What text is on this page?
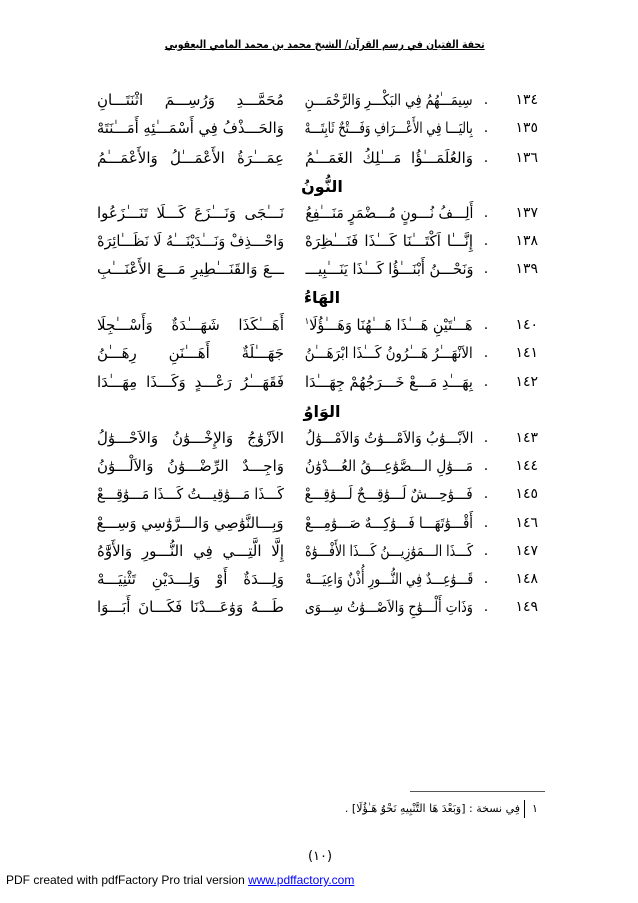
تحفة الفتيان في رسم القرآن/ الشيخ محمد بن محمد المامي اليعقوبي
١٣٤
.
سِيمَـــٰهُمُ فِي البَكْـــرِ وَالرَّحْمَـــنِ
مُحَمَّـــدِ وَرُسِـــمَ اثْنَتَـــانِ
١٣٥
.
بِاليَـــا فِي الأَعْـــرَافِ وَفَـــتْحٌ ثَابِتَـــهْ
وَالحَـــذْفُ فِي أَسْمَـــٰئِهِ أَمَـــٰنَتَهْ
١٣٦
.
وَالعُلَمَـــٰؤُا مَـــٰلِكُ الغَمَـــٰمُ
عِمَـــٰرَةُ الأَعْمَـــٰلُ وَالأَعْمَـــٰمُ
النُّونُ
١٣٧
.
أَلِـــفُ نُـــونٍ مُـــضْمَرٍ مَنَـــٰفِعُ
نَـــٰجَى وَنَـــٰزَعَ كَـــلَا تَنَـــٰزَعُوا
١٣٨
.
إِنَّـــٰا اَكْتَـــٰنَا كَـــٰذَا فَنَـــٰظِرَهْ
وَاحْـــذِفْ وَنَـــٰدَيْنَـــٰهُ لَا نَظَـــٰائِرَهْ
١٣٩
.
وَنَحْـــنُ أَبْنَـــٰؤُا كَـــٰذَا يَنَـــٰبِيـــ
ـــعَ وَالقَنَـــٰطِيرِ مَـــعَ الأَعْنَـــٰبِ
الهَاءُ
١٤٠
.
هَـــٰتَيْنِ هَـــٰذَا هَـــٰهُنَا وَهَـــٰؤُلَا$^١$
أَهَـــٰكَذَا شَهَـــٰدَةٌ وَأَسْـــٰجِلَا
١٤١
.
الاَنْهَـــٰرُ هَـــٰرُونُ كَـــٰذَا ابْرَهَـــٰنُ
جَهَـــٰلَةٌ أَهَـــٰنَنِ رِهَـــٰنُ
١٤٢
.
بِهَـــٰدِ مَـــعْ خَـــرَجُهُمْ جِهَـــٰدَا
فَقَهَـــٰرُ رَعْـــدٍ وَكَـــذَا مِهَـــٰدَا
الوَاوُ
١٤٣
.
الاَبْـــوَٰبُ وَالاَمْـــوَٰتُ وَالاَمْـــوَٰلُ
الاَزْوَٰجُ وَالإِخْـــوَٰنُ وَالاَحْـــوَٰلُ
١٤٤
.
مَـــوَٰلِ الـــصَّوَٰعِـــقُ العُـــدْوَٰنُ
وَاجِـــدٌ الرِّضْـــوَٰنُ وَالاَلْـــوَٰنُ
١٤٥
.
فَـــوَٰحِـــشٌ لَـــوَٰقِـــحٌ لَـــوَٰقِـــعْ
كَـــذَا مَـــوَٰقِيـــتُ كَـــذَا مَـــوَٰقِـــعْ
١٤٦
.
أَقْـــوَٰتَهَـــا فَـــوَٰكِـــهٌ صَـــوَٰمِـــعْ
وَبِـــالنَّوَٰصِي وَالـــرَّوَٰسِي وَسِـــعْ
١٤٧
.
كَـــذَا الـــمَوَٰزِيـــنُ كَـــذَا الأَفْـــوَٰهْ
إِلَّا الَّتِـــي فِي النُّـــورِ وَالأَوَّٰهُ
١٤٨
.
قَـــوَٰعِـــدٌ فِي النُّـــورِ أُذْنٌ وَاعِيَـــهْ
وَلِـــدَةٌ أَوْ وَلِـــدَيْنِ تَثْنِيَـــهْ
١٤٩
.
وَذَاتِ أَلْـــوَٰحِ وَالاَصْـــوَٰتُ سِـــوَى
طَـــهُ وَوَٰعَـــدْنَا فَكَـــانَ أَبَـــوَا
١
فِي نسخة : [وَبَعْدَ هَا التَّنْبِيهِ نَحْوُ هَـٰؤُلَا] .
(١٠)
PDF created with pdfFactory Pro trial version www.pdffactory.com
